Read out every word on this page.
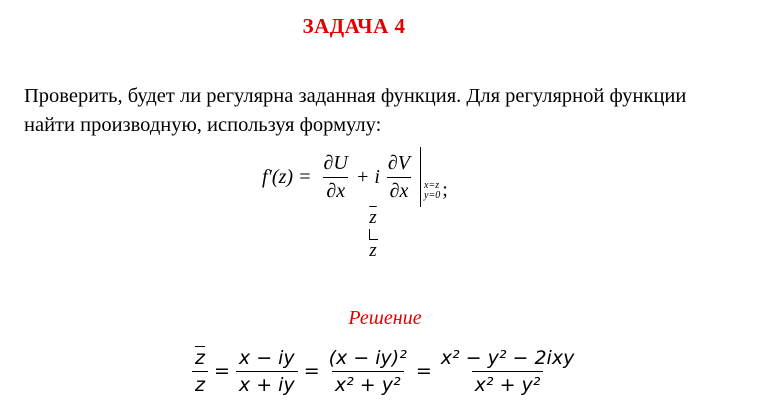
ЗАДАЧА 4
Проверить, будет ли регулярна заданная функция. Для регулярной функции
найти производную, используя формулу:
$f'(z) = \frac{\partial U}{\partial x} + i \frac{\partial V}{\partial x} x=z$
y=0 ;
$\overline{z}$
z
Решение
$\frac{\overline{z}}{z} = \frac{x - iy}{x + iy} = \frac{\text{(x − iy)²}}{\text{x² + y²}} = \frac{\text{x² − y² − 2ixy}}{\text{x² + y²}}$
